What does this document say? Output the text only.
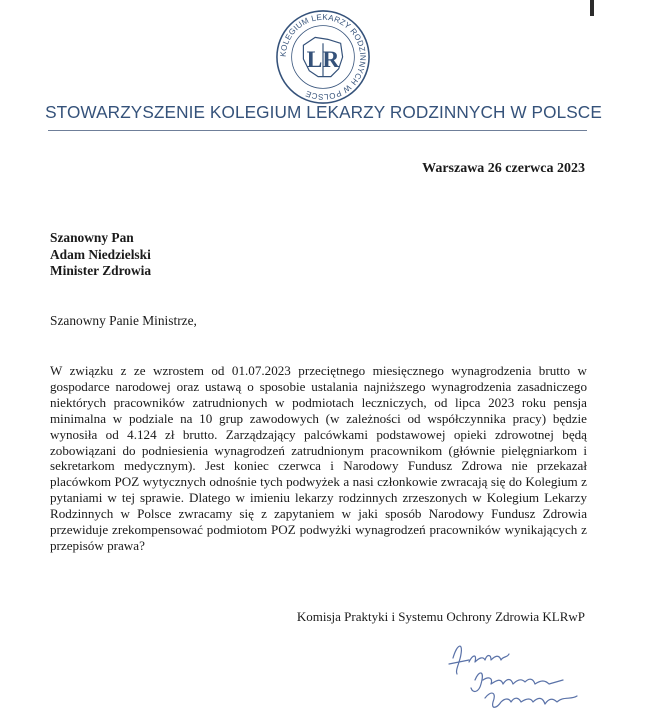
KOLEGIUM LEKARZY RODZINNYCH W POLSCE
LR
STOWARZYSZENIE KOLEGIUM LEKARZY RODZINNYCH W POLSCE
Warszawa 26 czerwca 2023
Szanowny Pan
Adam Niedzielski
Minister Zdrowia
Szanowny Panie Ministrze,
W związku z ze wzrostem od 01.07.2023 przeciętnego miesięcznego wynagrodzenia brutto w gospodarce narodowej oraz ustawą o sposobie ustalania najniższego wynagrodzenia zasadniczego niektórych pracowników zatrudnionych w podmiotach leczniczych, od lipca 2023 roku pensja minimalna w podziale na 10 grup zawodowych (w zależności od współczynnika pracy) będzie wynosiła od 4.124 zł brutto. Zarządzający palcówkami podstawowej opieki zdrowotnej będą zobowiązani do podniesienia wynagrodzeń zatrudnionym pracownikom (głównie pielęgniarkom i sekretarkom medycznym). Jest koniec czerwca i Narodowy Fundusz Zdrowa nie przekazał placówkom POZ wytycznych odnośnie tych podwyżek a nasi członkowie zwracają się do Kolegium z pytaniami w tej sprawie. Dlatego w imieniu lekarzy rodzinnych zrzeszonych w Kolegium Lekarzy Rodzinnych w Polsce zwracamy się z zapytaniem w jaki sposób Narodowy Fundusz Zdrowia przewiduje zrekompensować podmiotom POZ podwyżki wynagrodzeń pracowników wynikających z przepisów prawa?
Komisja Praktyki i Systemu Ochrony Zdrowia KLRwP
